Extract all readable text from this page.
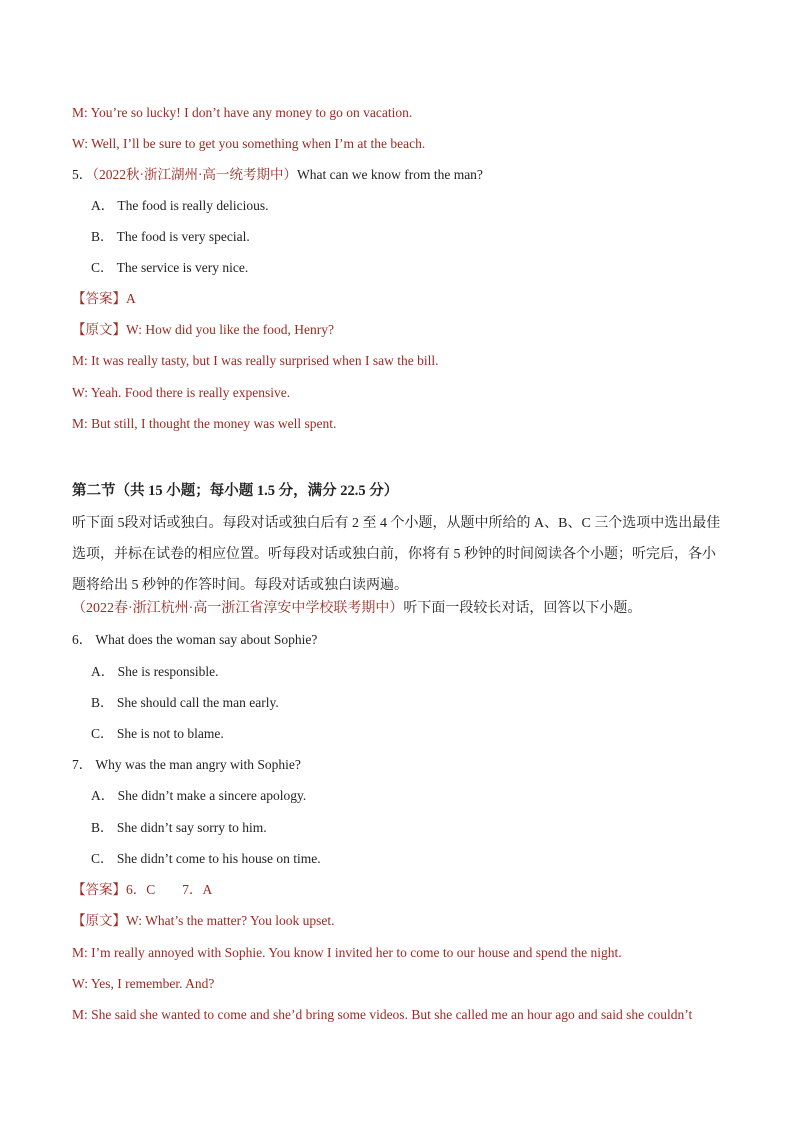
M: You’re so lucky! I don’t have any money to go on vacation.
W: Well, I’ll be sure to get you something when I’m at the beach.
5．（2022秋·浙江湖州·高一统考期中）What can we know from the man?
A． The food is really delicious.
B． The food is very special.
C． The service is very nice.
【答案】A
【原文】W: How did you like the food, Henry?
M: It was really tasty, but I was really surprised when I saw the bill.
W: Yeah. Food there is really expensive.
M: But still, I thought the money was well spent.
第二节（共 15 小题；每小题 1.5 分，满分 22.5 分）
听下面 5段对话或独白。每段对话或独白后有 2 至 4 个小题，从题中所给的 A、B、C 三个选项中选出最佳选项，并标在试卷的相应位置。听每段对话或独白前，你将有 5 秒钟的时间阅读各个小题；听完后，各小题将给出 5 秒钟的作答时间。每段对话或独白读两遍。
（2022春·浙江杭州·高一浙江省淳安中学校联考期中）听下面一段较长对话，回答以下小题。
6． What does the woman say about Sophie?
A． She is responsible.
B． She should call the man early.
C． She is not to blame.
7． Why was the man angry with Sophie?
A． She didn’t make a sincere apology.
B． She didn’t say sorry to him.
C． She didn’t come to his house on time.
【答案】6．C        7．A
【原文】W: What’s the matter? You look upset.
M: I’m really annoyed with Sophie. You know I invited her to come to our house and spend the night.
W: Yes, I remember. And?
M: She said she wanted to come and she’d bring some videos. But she called me an hour ago and said she couldn’t
